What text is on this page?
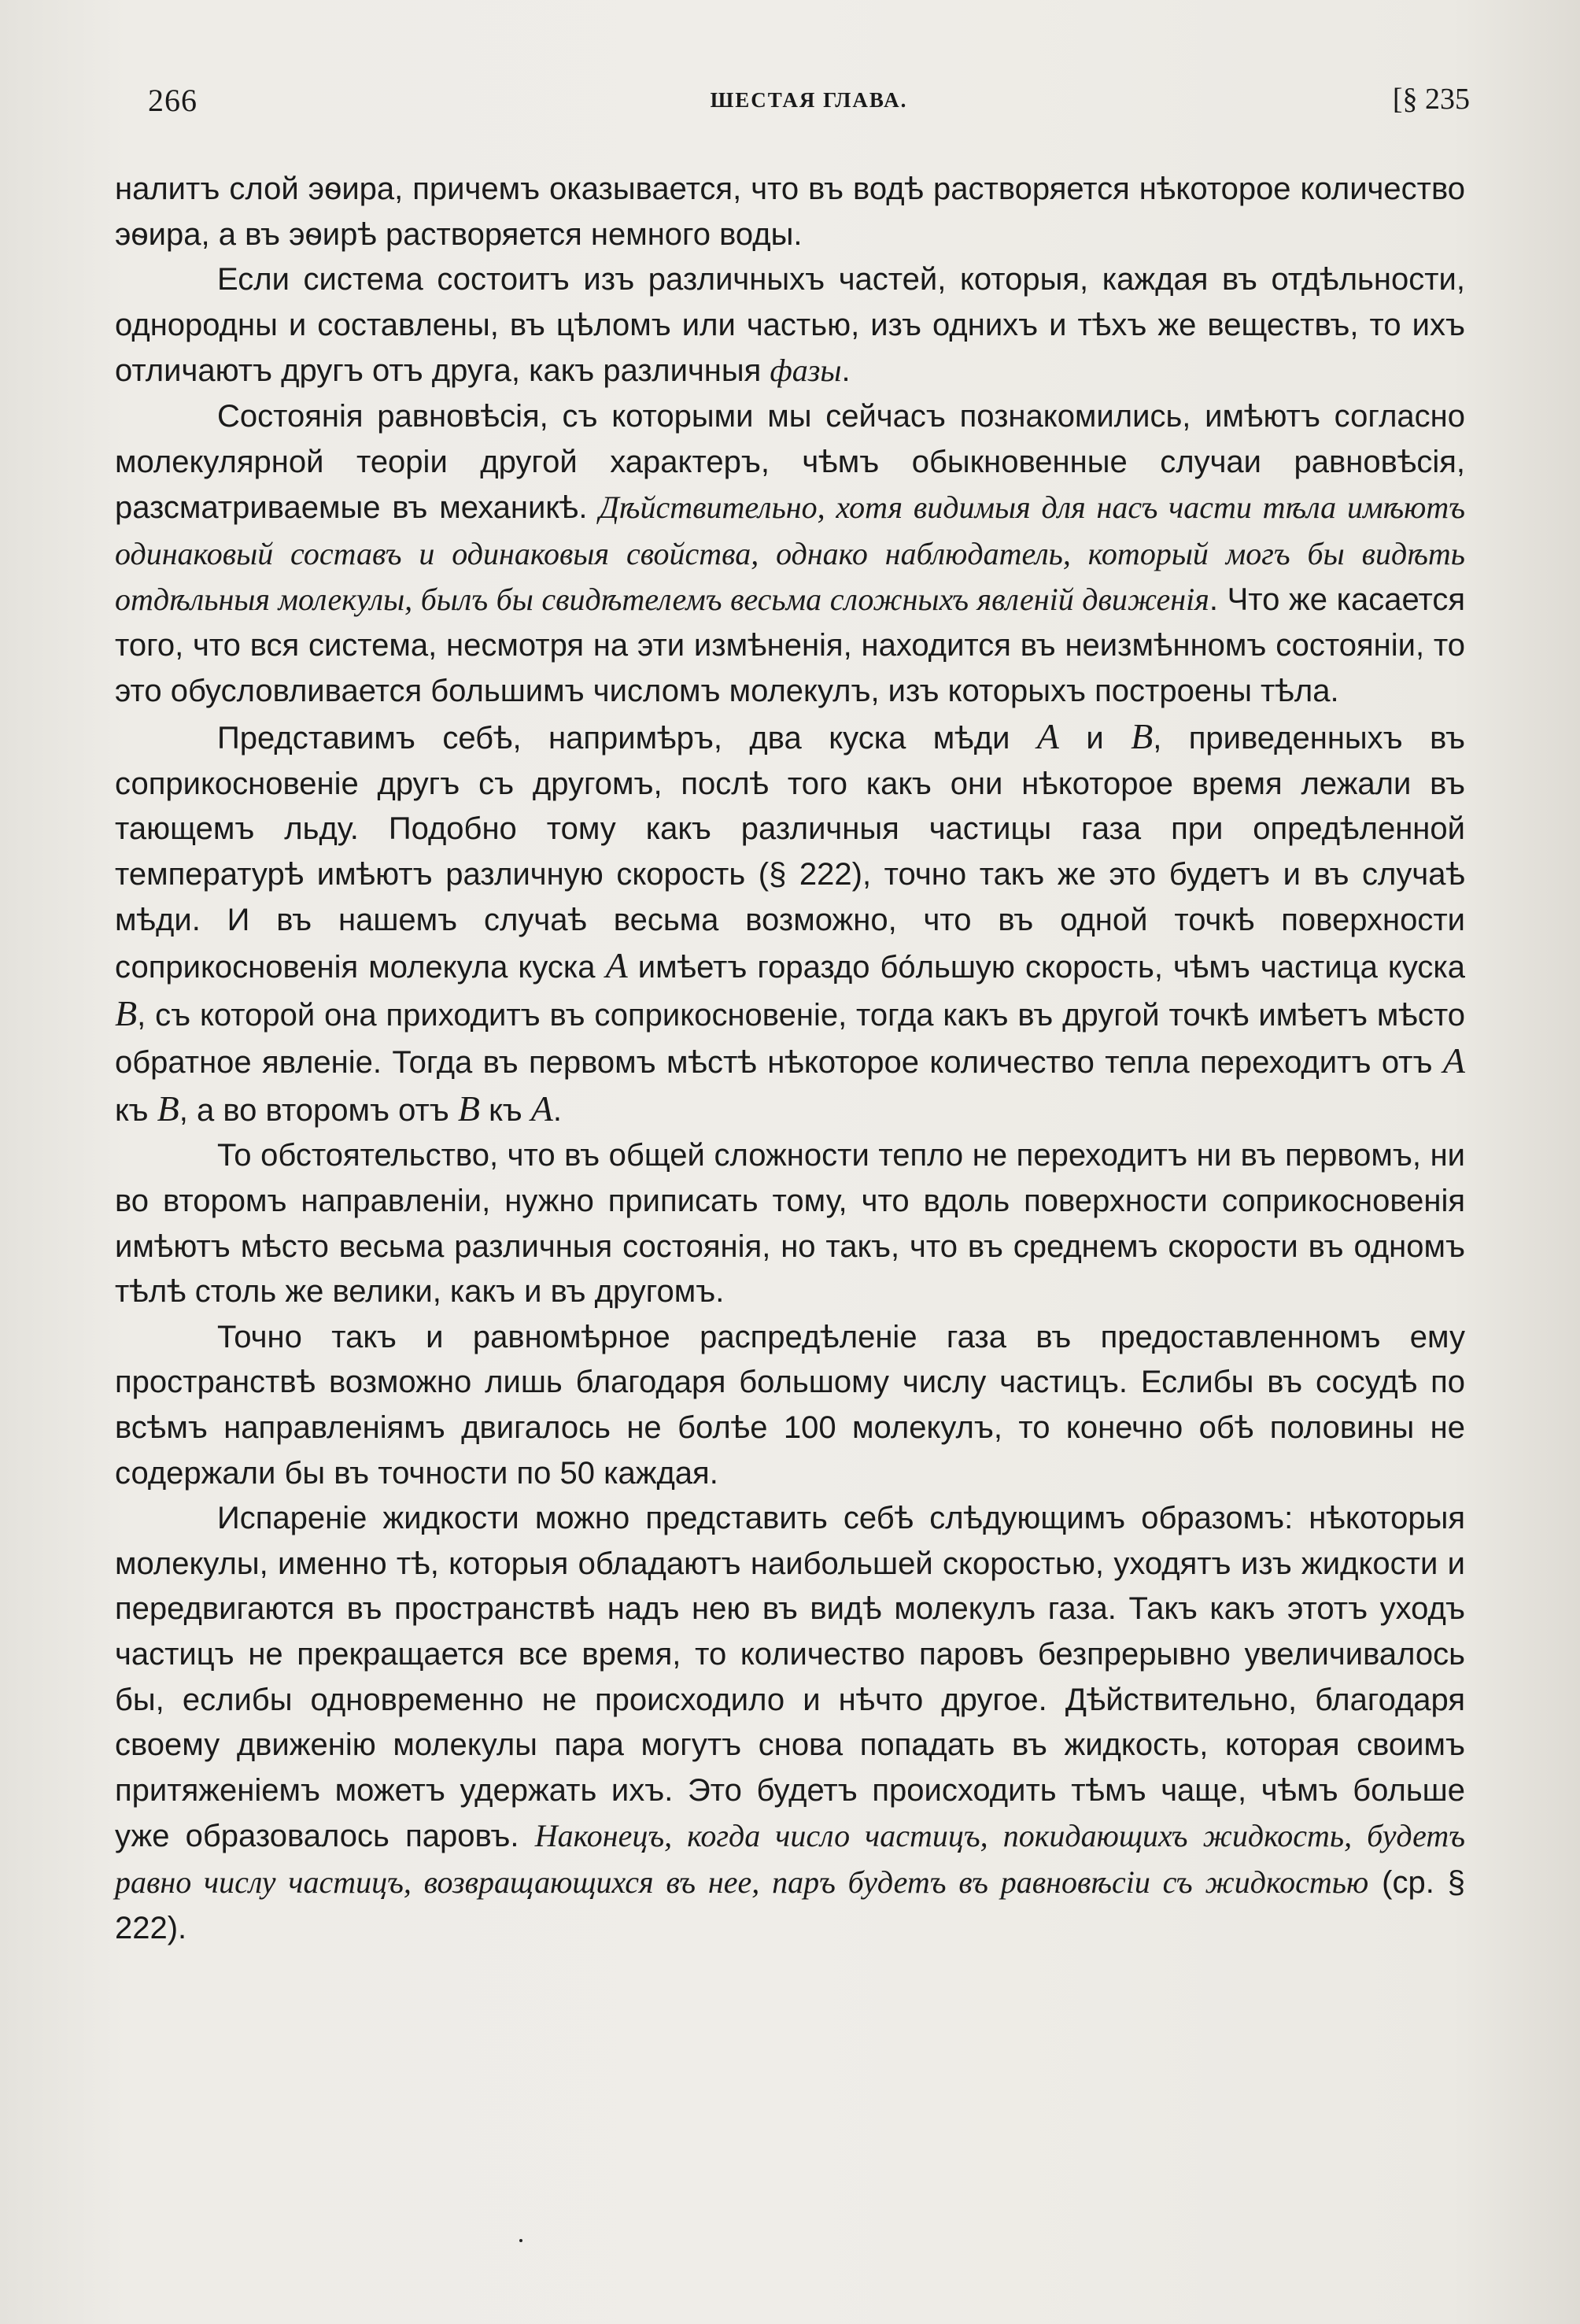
266	ШЕСТАЯ ГЛАВА.	[§ 235

налитъ слой эѳира, причемъ оказывается, что въ водѣ растворяется нѣкоторое количество эѳира, а въ эѳирѣ растворяется немного воды.

Если система состоитъ изъ различныхъ частей, которыя, каждая въ отдѣльности, однородны и составлены, въ цѣломъ или частью, изъ однихъ и тѣхъ же веществъ, то ихъ отличаютъ другъ отъ друга, какъ различныя фазы.

Состоянія равновѣсія, съ которыми мы сейчасъ познакомились, имѣютъ согласно молекулярной теоріи другой характеръ, чѣмъ обыкновенные случаи равновѣсія, разсматриваемые въ механикѣ. Дѣйствительно, хотя видимыя для насъ части тѣла имѣютъ одинаковый составъ и одинаковыя свойства, однако наблюдатель, который могъ бы видѣть отдѣльныя молекулы, былъ бы свидѣтелемъ весьма сложныхъ явленій движенія. Что же касается того, что вся система, несмотря на эти измѣненія, находится въ неизмѣнномъ состояніи, то это обусловливается большимъ числомъ молекулъ, изъ которыхъ построены тѣла.

Представимъ себѣ, напримѣръ, два куска мѣди A и B, приведенныхъ въ соприкосновеніе другъ съ другомъ, послѣ того какъ они нѣкоторое время лежали въ тающемъ льду. Подобно тому какъ различныя частицы газа при опредѣленной температурѣ имѣютъ различную скорость (§ 222), точно такъ же это будетъ и въ случаѣ мѣди. И въ нашемъ случаѣ весьма возможно, что въ одной точкѣ поверхности соприкосновенія молекула куска A имѣетъ гораздо бо́льшую скорость, чѣмъ частица куска B, съ которой она приходитъ въ соприкосновеніе, тогда какъ въ другой точкѣ имѣетъ мѣсто обратное явленіе. Тогда въ первомъ мѣстѣ нѣкоторое количество тепла переходитъ отъ A къ B, а во второмъ отъ B къ A.

То обстоятельство, что въ общей сложности тепло не переходитъ ни въ первомъ, ни во второмъ направленіи, нужно приписать тому, что вдоль поверхности соприкосновенія имѣютъ мѣсто весьма различныя состоянія, но такъ, что въ среднемъ скорости въ одномъ тѣлѣ столь же велики, какъ и въ другомъ.

Точно такъ и равномѣрное распредѣленіе газа въ предоставленномъ ему пространствѣ возможно лишь благодаря большому числу частицъ. Еслибы въ сосудѣ по всѣмъ направленіямъ двигалось не болѣе 100 молекулъ, то конечно обѣ половины не содержали бы въ точности по 50 каждая.

Испареніе жидкости можно представить себѣ слѣдующимъ образомъ: нѣкоторыя молекулы, именно тѣ, которыя обладаютъ наибольшей скоростью, уходятъ изъ жидкости и передвигаются въ пространствѣ надъ нею въ видѣ молекулъ газа. Такъ какъ этотъ уходъ частицъ не прекращается все время, то количество паровъ безпрерывно увеличивалось бы, еслибы одновременно не происходило и нѣчто другое. Дѣйствительно, благодаря своему движенію молекулы пара могутъ снова попадать въ жидкость, которая своимъ притяженіемъ можетъ удержать ихъ. Это будетъ происходить тѣмъ чаще, чѣмъ больше уже образовалось паровъ. Наконецъ, когда число частицъ, покидающихъ жидкость, будетъ равно числу частицъ, возвращающихся въ нее, паръ будетъ въ равновѣсіи съ жидкостью (ср. § 222).
